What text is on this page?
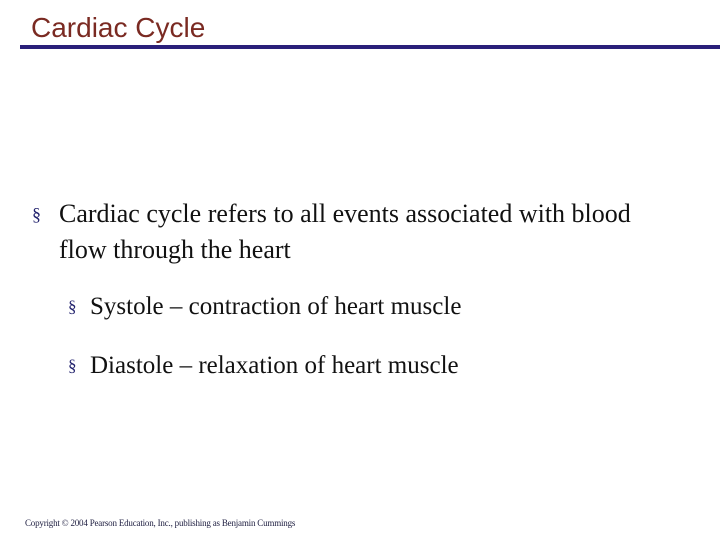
Cardiac Cycle
§ Cardiac cycle refers to all events associated with blood flow through the heart
§ Systole – contraction of heart muscle
§ Diastole – relaxation of heart muscle
Copyright © 2004 Pearson Education, Inc., publishing as Benjamin Cummings
